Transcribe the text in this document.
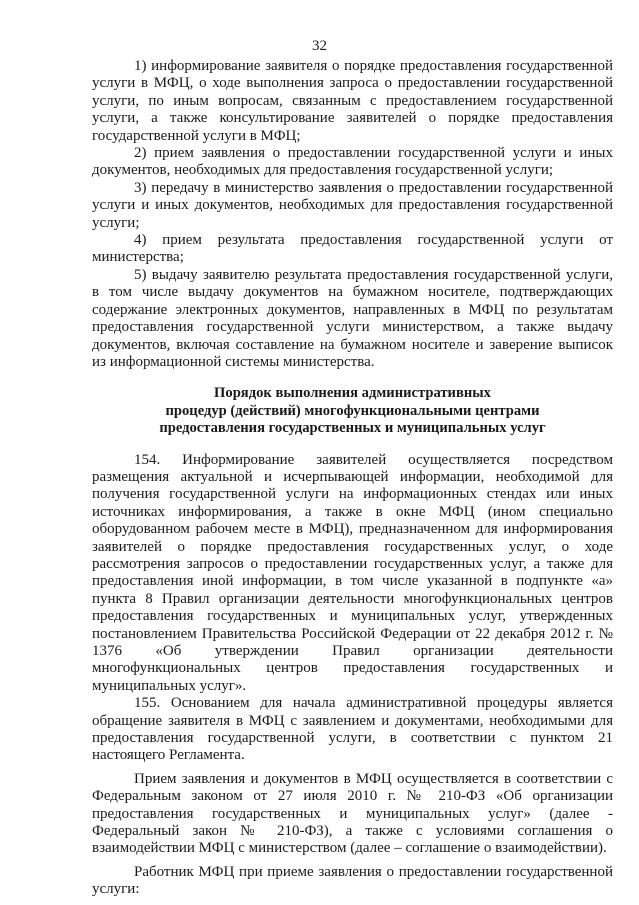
32

1) информирование заявителя о порядке предоставления государственной услуги в МФЦ, о ходе выполнения запроса о предоставлении государственной услуги, по иным вопросам, связанным с предоставлением государственной услуги, а также консультирование заявителей о порядке предоставления государственной услуги в МФЦ;

2) прием заявления о предоставлении государственной услуги и иных документов, необходимых для предоставления государственной услуги;

3) передачу в министерство заявления о предоставлении государственной услуги и иных документов, необходимых для предоставления государственной услуги;

4) прием результата предоставления государственной услуги от министерства;

5) выдачу заявителю результата предоставления государственной услуги, в том числе выдачу документов на бумажном носителе, подтверждающих содержание электронных документов, направленных в МФЦ по результатам предоставления государственной услуги министерством, а также выдачу документов, включая составление на бумажном носителе и заверение выписок из информационной системы министерства.

Порядок выполнения административных
процедур (действий) многофункциональными центрами
предоставления государственных и муниципальных услуг

154. Информирование заявителей осуществляется посредством размещения актуальной и исчерпывающей информации, необходимой для получения государственной услуги на информационных стендах или иных источниках информирования, а также в окне МФЦ (ином специально оборудованном рабочем месте в МФЦ), предназначенном для информирования заявителей о порядке предоставления государственных услуг, о ходе рассмотрения запросов о предоставлении государственных услуг, а также для предоставления иной информации, в том числе указанной в подпункте «а» пункта 8 Правил организации деятельности многофункциональных центров предоставления государственных и муниципальных услуг, утвержденных постановлением Правительства Российской Федерации от 22 декабря 2012 г. № 1376 «Об утверждении Правил организации деятельности многофункциональных центров предоставления государственных и муниципальных услуг».

155. Основанием для начала административной процедуры является обращение заявителя в МФЦ с заявлением и документами, необходимыми для предоставления государственной услуги, в соответствии с пунктом 21 настоящего Регламента.

Прием заявления и документов в МФЦ осуществляется в соответствии с Федеральным законом от 27 июля 2010 г. № 210-ФЗ «Об организации предоставления государственных и муниципальных услуг» (далее - Федеральный закон № 210-ФЗ), а также с условиями соглашения о взаимодействии МФЦ с министерством (далее – соглашение о взаимодействии).

Работник МФЦ при приеме заявления о предоставлении государственной услуги:
